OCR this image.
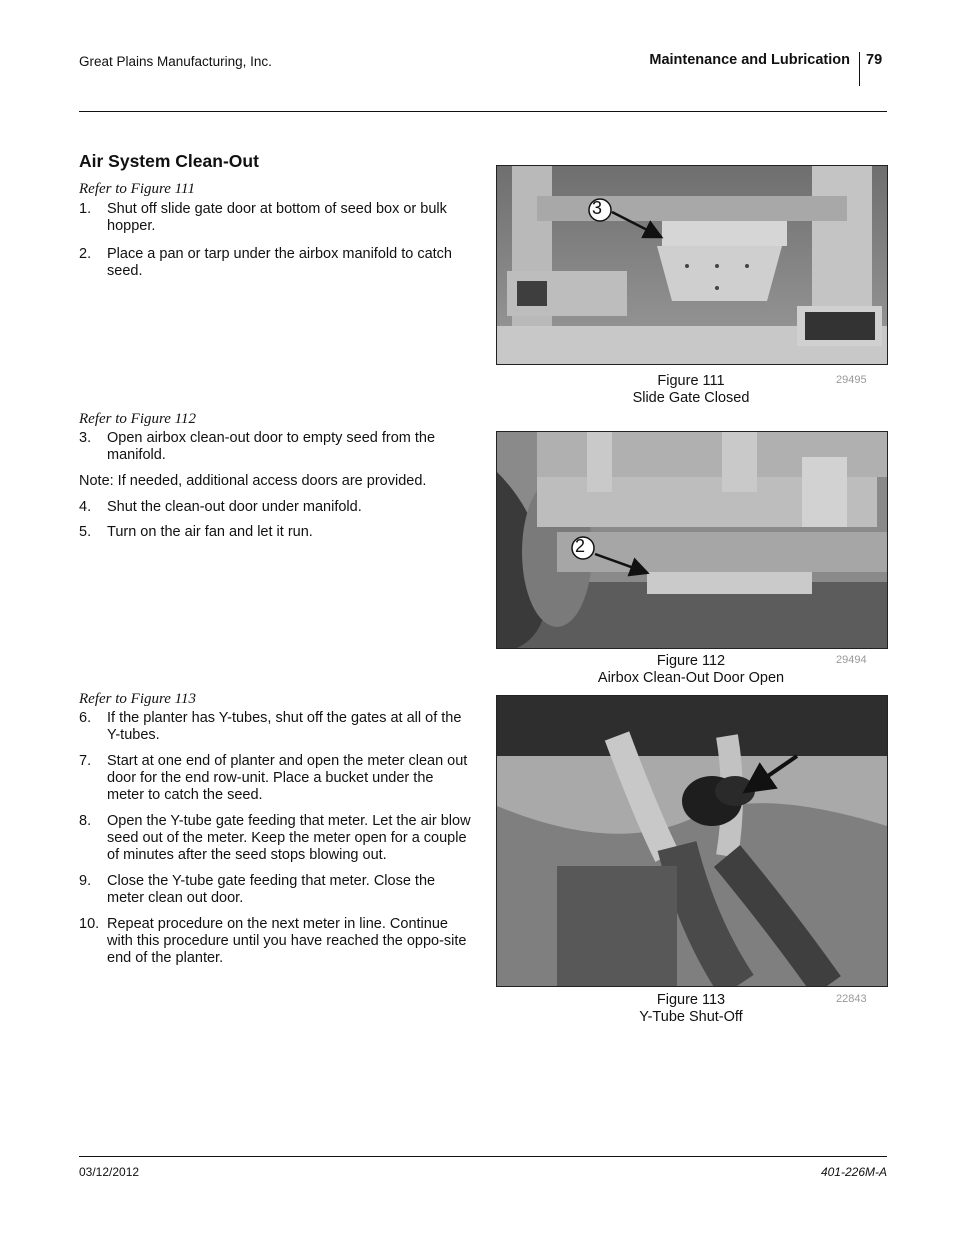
Great Plains Manufacturing, Inc.	Maintenance and Lubrication 79
Air System Clean-Out
Refer to Figure 111
1.	Shut off slide gate door at bottom of seed box or bulk hopper.
2.	Place a pan or tarp under the airbox manifold to catch seed.
Refer to Figure 112
3.	Open airbox clean-out door to empty seed from the manifold.
Note: If needed, additional access doors are provided.
4.	Shut the clean-out door under manifold.
5.	Turn on the air fan and let it run.
Refer to Figure 113
6.	If the planter has Y-tubes, shut off the gates at all of the Y-tubes.
7.	Start at one end of planter and open the meter clean out door for the end row-unit. Place a bucket under the meter to catch the seed.
8.	Open the Y-tube gate feeding that meter. Let the air blow seed out of the meter. Keep the meter open for a couple of minutes after the seed stops blowing out.
9.	Close the Y-tube gate feeding that meter. Close the meter clean out door.
10. Repeat procedure on the next meter in line. Continue with this procedure until you have reached the oppo-site end of the planter.
3
Figure 111
Slide Gate Closed
29495
2
Figure 112
Airbox Clean-Out Door Open
29494
Figure 113
Y-Tube Shut-Off
22843
03/12/2012	401-226M-A
